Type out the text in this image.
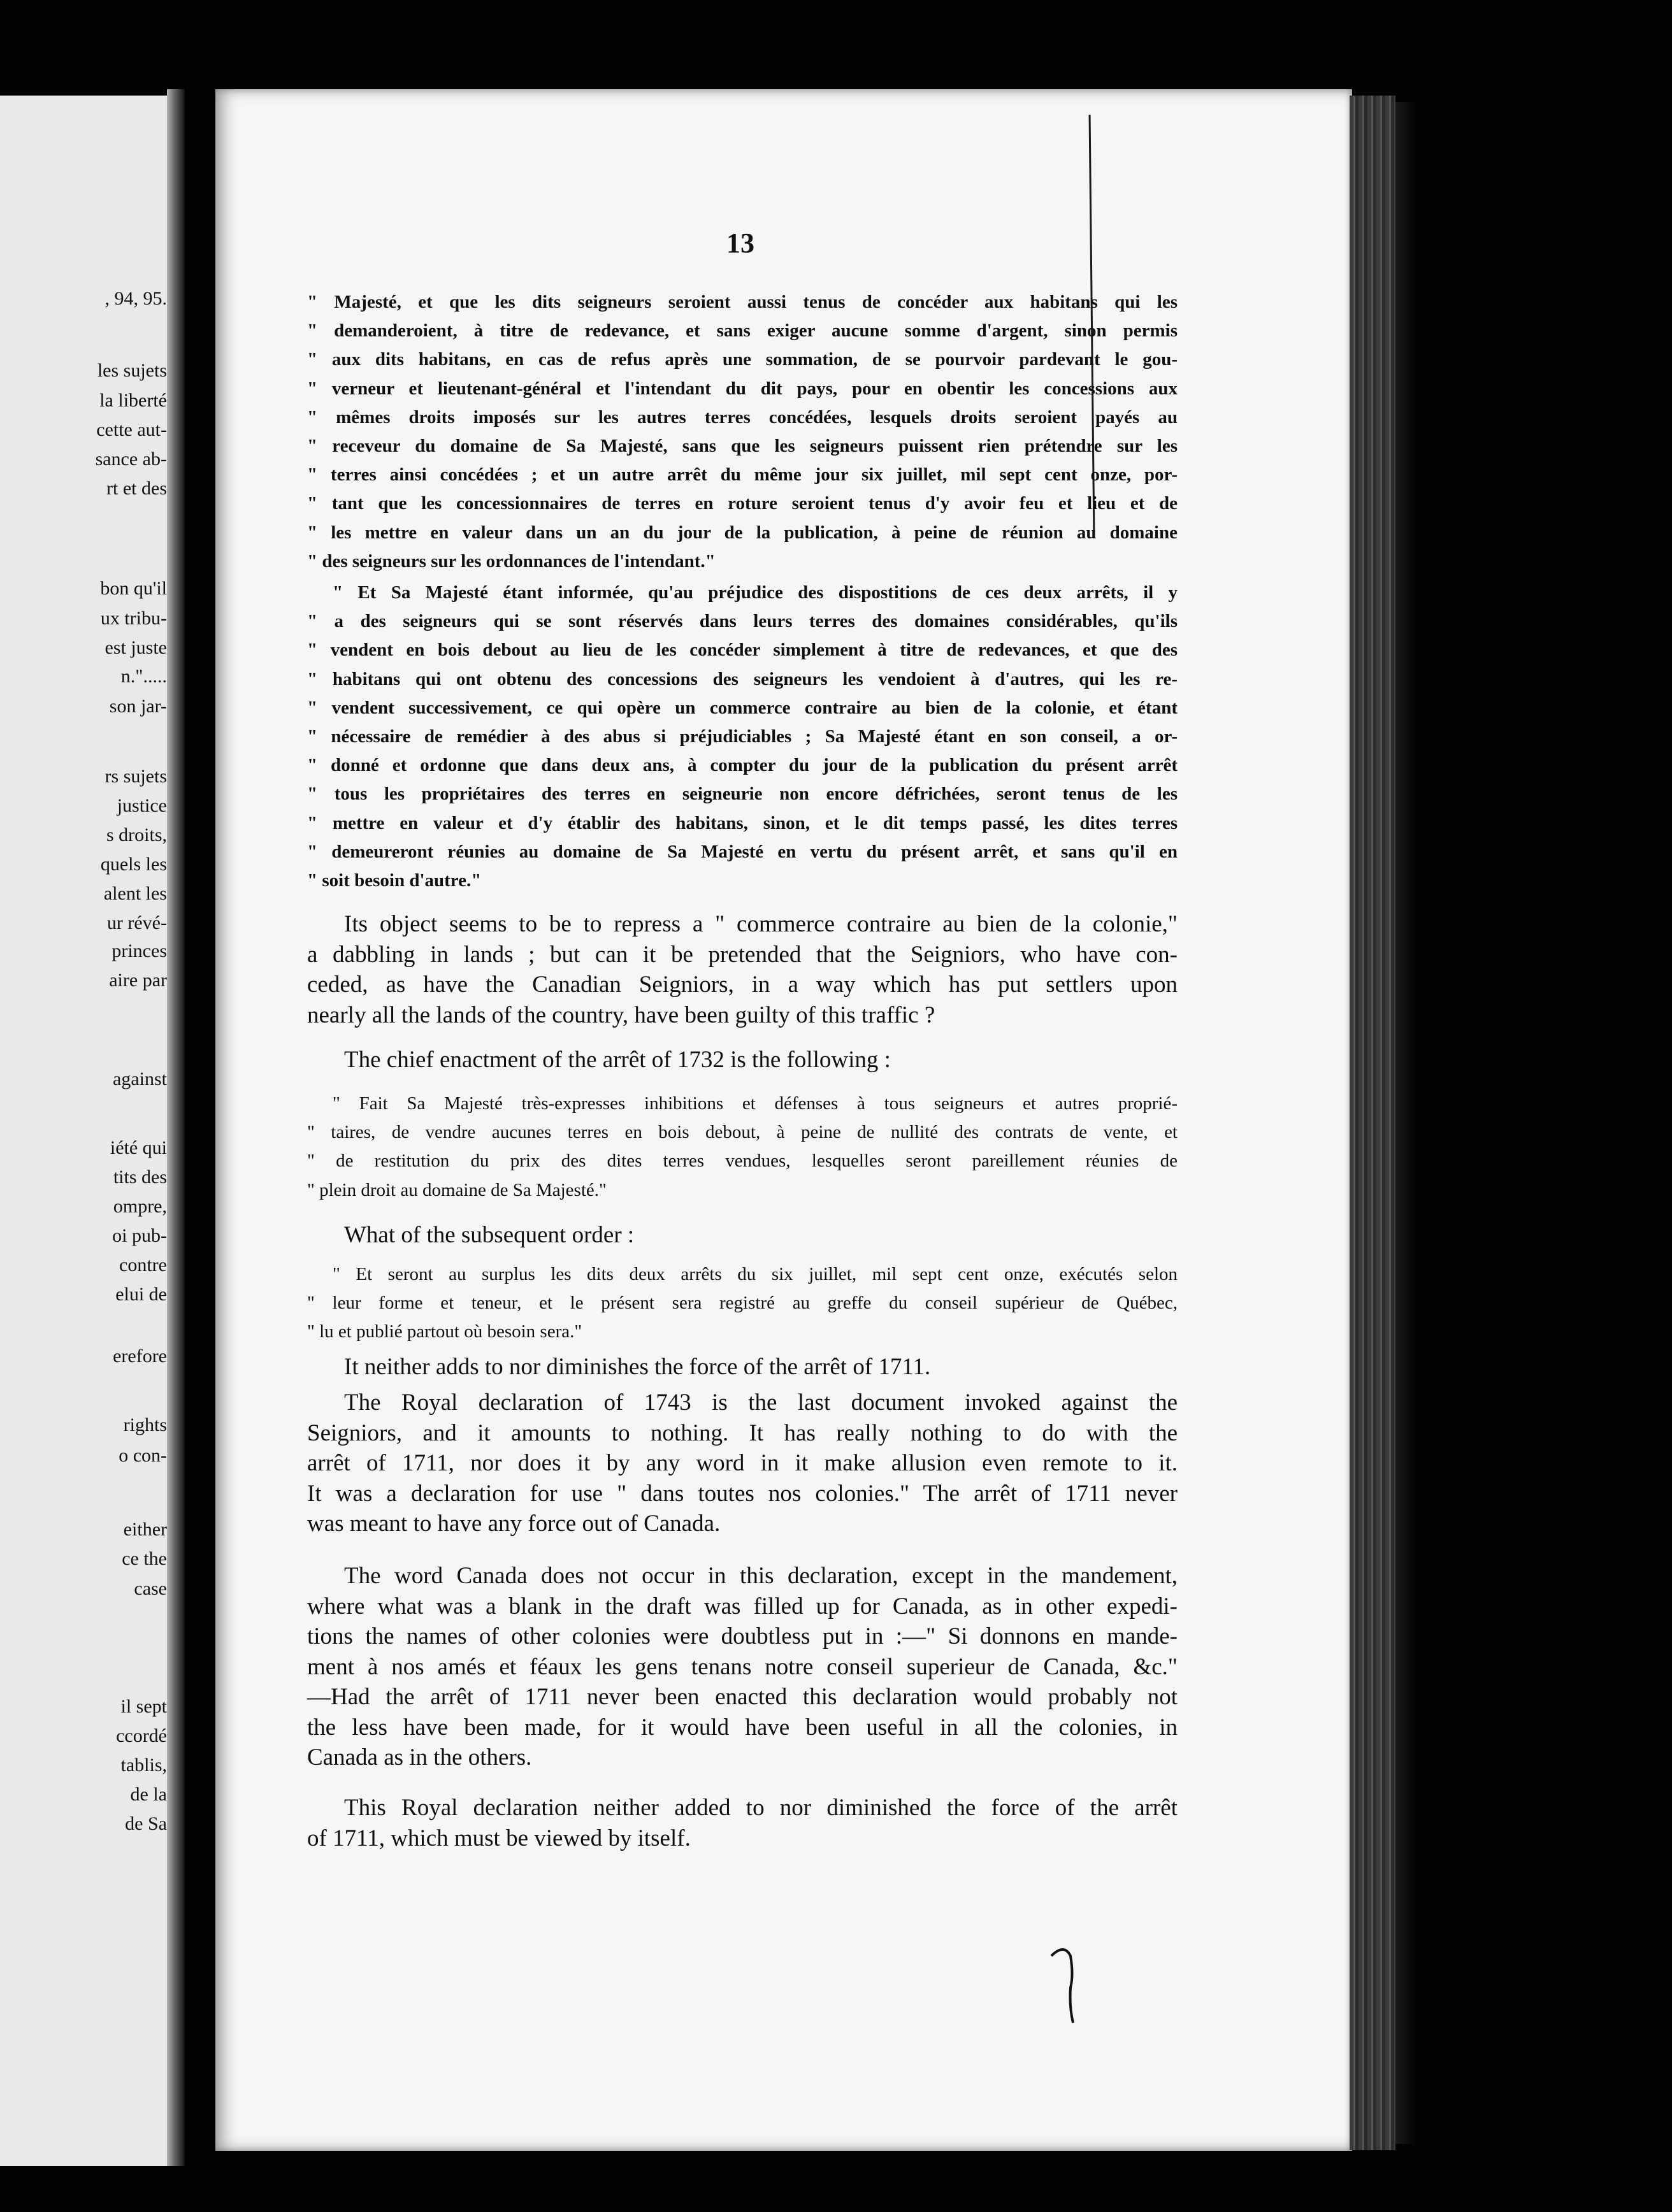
, 94, 95.
les sujets
la liberté
cette aut-
sance ab-
rt et des
bon qu'il
ux tribu-
est juste
n.".....
son jar-
rs sujets
justice
s droits,
quels les
alent les
ur révé-
princes
aire par
against
iété qui
tits des
ompre,
oi pub-
contre
elui de
erefore
rights
o con-
either
ce the
case
il sept
ccordé
tablis,
de la
de Sa
13
" Majesté, et que les dits seigneurs seroient aussi tenus de concéder aux habitans qui les
" demanderoient, à titre de redevance, et sans exiger aucune somme d'argent, sinon permis
" aux dits habitans, en cas de refus après une sommation, de se pourvoir pardevant le gou-
" verneur et lieutenant-général et l'intendant du dit pays, pour en obentir les concessions aux
" mêmes droits imposés sur les autres terres concédées, lesquels droits seroient payés au
" receveur du domaine de Sa Majesté, sans que les seigneurs puissent rien prétendre sur les
" terres ainsi concédées ; et un autre arrêt du même jour six juillet, mil sept cent onze, por-
" tant que les concessionnaires de terres en roture seroient tenus d'y avoir feu et lieu et de
" les mettre en valeur dans un an du jour de la publication, à peine de réunion au domaine
" des seigneurs sur les ordonnances de l'intendant."
" Et Sa Majesté étant informée, qu'au préjudice des dispostitions de ces deux arrêts, il y
" a des seigneurs qui se sont réservés dans leurs terres des domaines considérables, qu'ils
" vendent en bois debout au lieu de les concéder simplement à titre de redevances, et que des
" habitans qui ont obtenu des concessions des seigneurs les vendoient à d'autres, qui les re-
" vendent successivement, ce qui opère un commerce contraire au bien de la colonie, et étant
" nécessaire de remédier à des abus si préjudiciables ; Sa Majesté étant en son conseil, a or-
" donné et ordonne que dans deux ans, à compter du jour de la publication du présent arrêt
" tous les propriétaires des terres en seigneurie non encore défrichées, seront tenus de les
" mettre en valeur et d'y établir des habitans, sinon, et le dit temps passé, les dites terres
" demeureront réunies au domaine de Sa Majesté en vertu du présent arrêt, et sans qu'il en
" soit besoin d'autre."
Its object seems to be to repress a " commerce contraire au bien de la colonie,"
a dabbling in lands ; but can it be pretended that the Seigniors, who have con-
ceded, as have the Canadian Seigniors, in a way which has put settlers upon
nearly all the lands of the country, have been guilty of this traffic ?
The chief enactment of the arrêt of 1732 is the following :
" Fait Sa Majesté très-expresses inhibitions et défenses à tous seigneurs et autres proprié-
" taires, de vendre aucunes terres en bois debout, à peine de nullité des contrats de vente, et
" de restitution du prix des dites terres vendues, lesquelles seront pareillement réunies de
" plein droit au domaine de Sa Majesté."
What of the subsequent order :
" Et seront au surplus les dits deux arrêts du six juillet, mil sept cent onze, exécutés selon
" leur forme et teneur, et le présent sera registré au greffe du conseil supérieur de Québec,
" lu et publié partout où besoin sera."
It neither adds to nor diminishes the force of the arrêt of 1711.
The Royal declaration of 1743 is the last document invoked against the
Seigniors, and it amounts to nothing. It has really nothing to do with the
arrêt of 1711, nor does it by any word in it make allusion even remote to it.
It was a declaration for use " dans toutes nos colonies." The arrêt of 1711 never
was meant to have any force out of Canada.
The word Canada does not occur in this declaration, except in the mandement,
where what was a blank in the draft was filled up for Canada, as in other expedi-
tions the names of other colonies were doubtless put in :—" Si donnons en mande-
ment à nos amés et féaux les gens tenans notre conseil superieur de Canada, &c."
—Had the arrêt of 1711 never been enacted this declaration would probably not
the less have been made, for it would have been useful in all the colonies, in
Canada as in the others.
This Royal declaration neither added to nor diminished the force of the arrêt
of 1711, which must be viewed by itself.
